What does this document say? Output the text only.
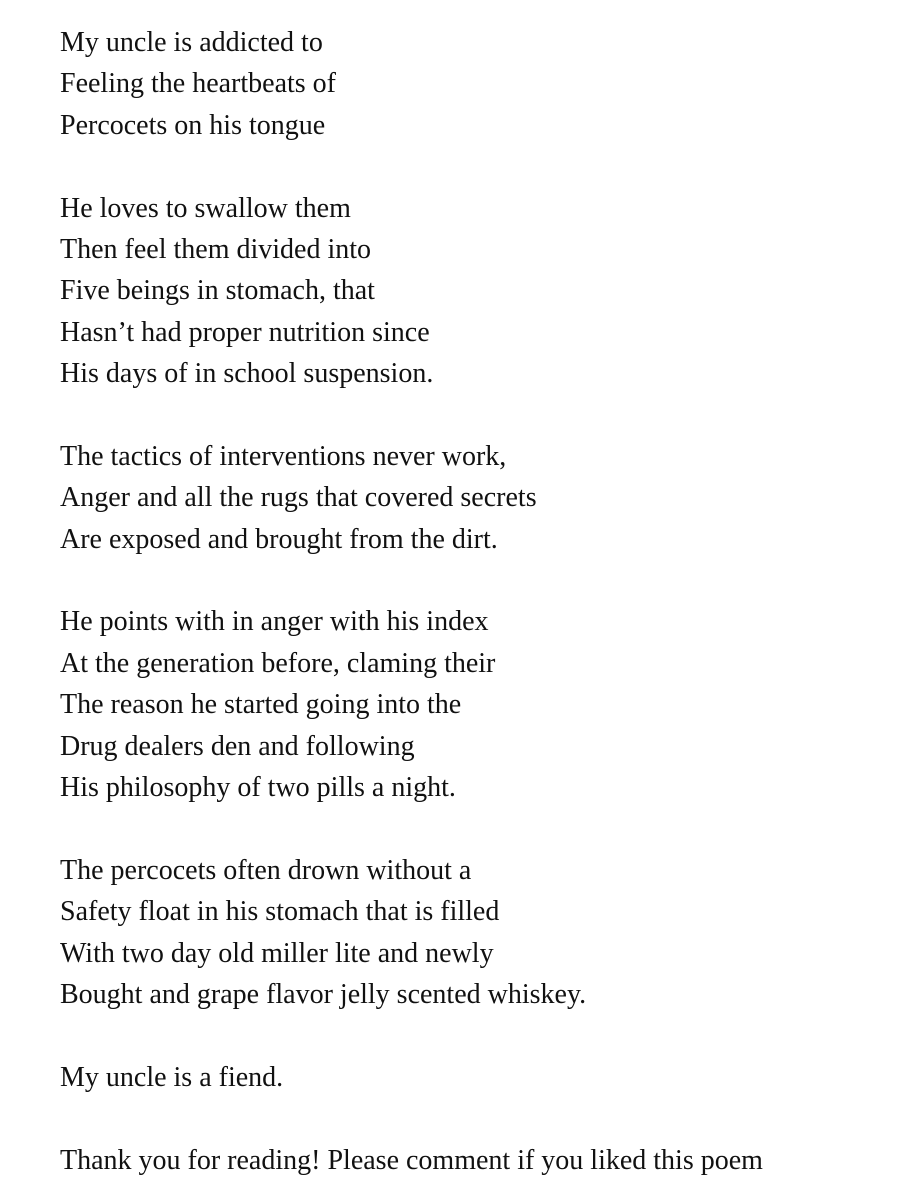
My uncle is addicted to
Feeling the heartbeats of
Percocets on his tongue
He loves to swallow them
Then feel them divided into
Five beings in stomach, that
Hasn’t had proper nutrition since
His days of in school suspension.
The tactics of interventions never work,
Anger and all the rugs that covered secrets
Are exposed and brought from the dirt.
He points with in anger with his index
At the generation before, claming their
The reason he started going into the
Drug dealers den and following
His philosophy of two pills a night.
The percocets often drown without a
Safety float in his stomach that is filled
With two day old miller lite and newly
Bought and grape flavor jelly scented whiskey.
My uncle is a fiend.
Thank you for reading! Please comment if you liked this poem
